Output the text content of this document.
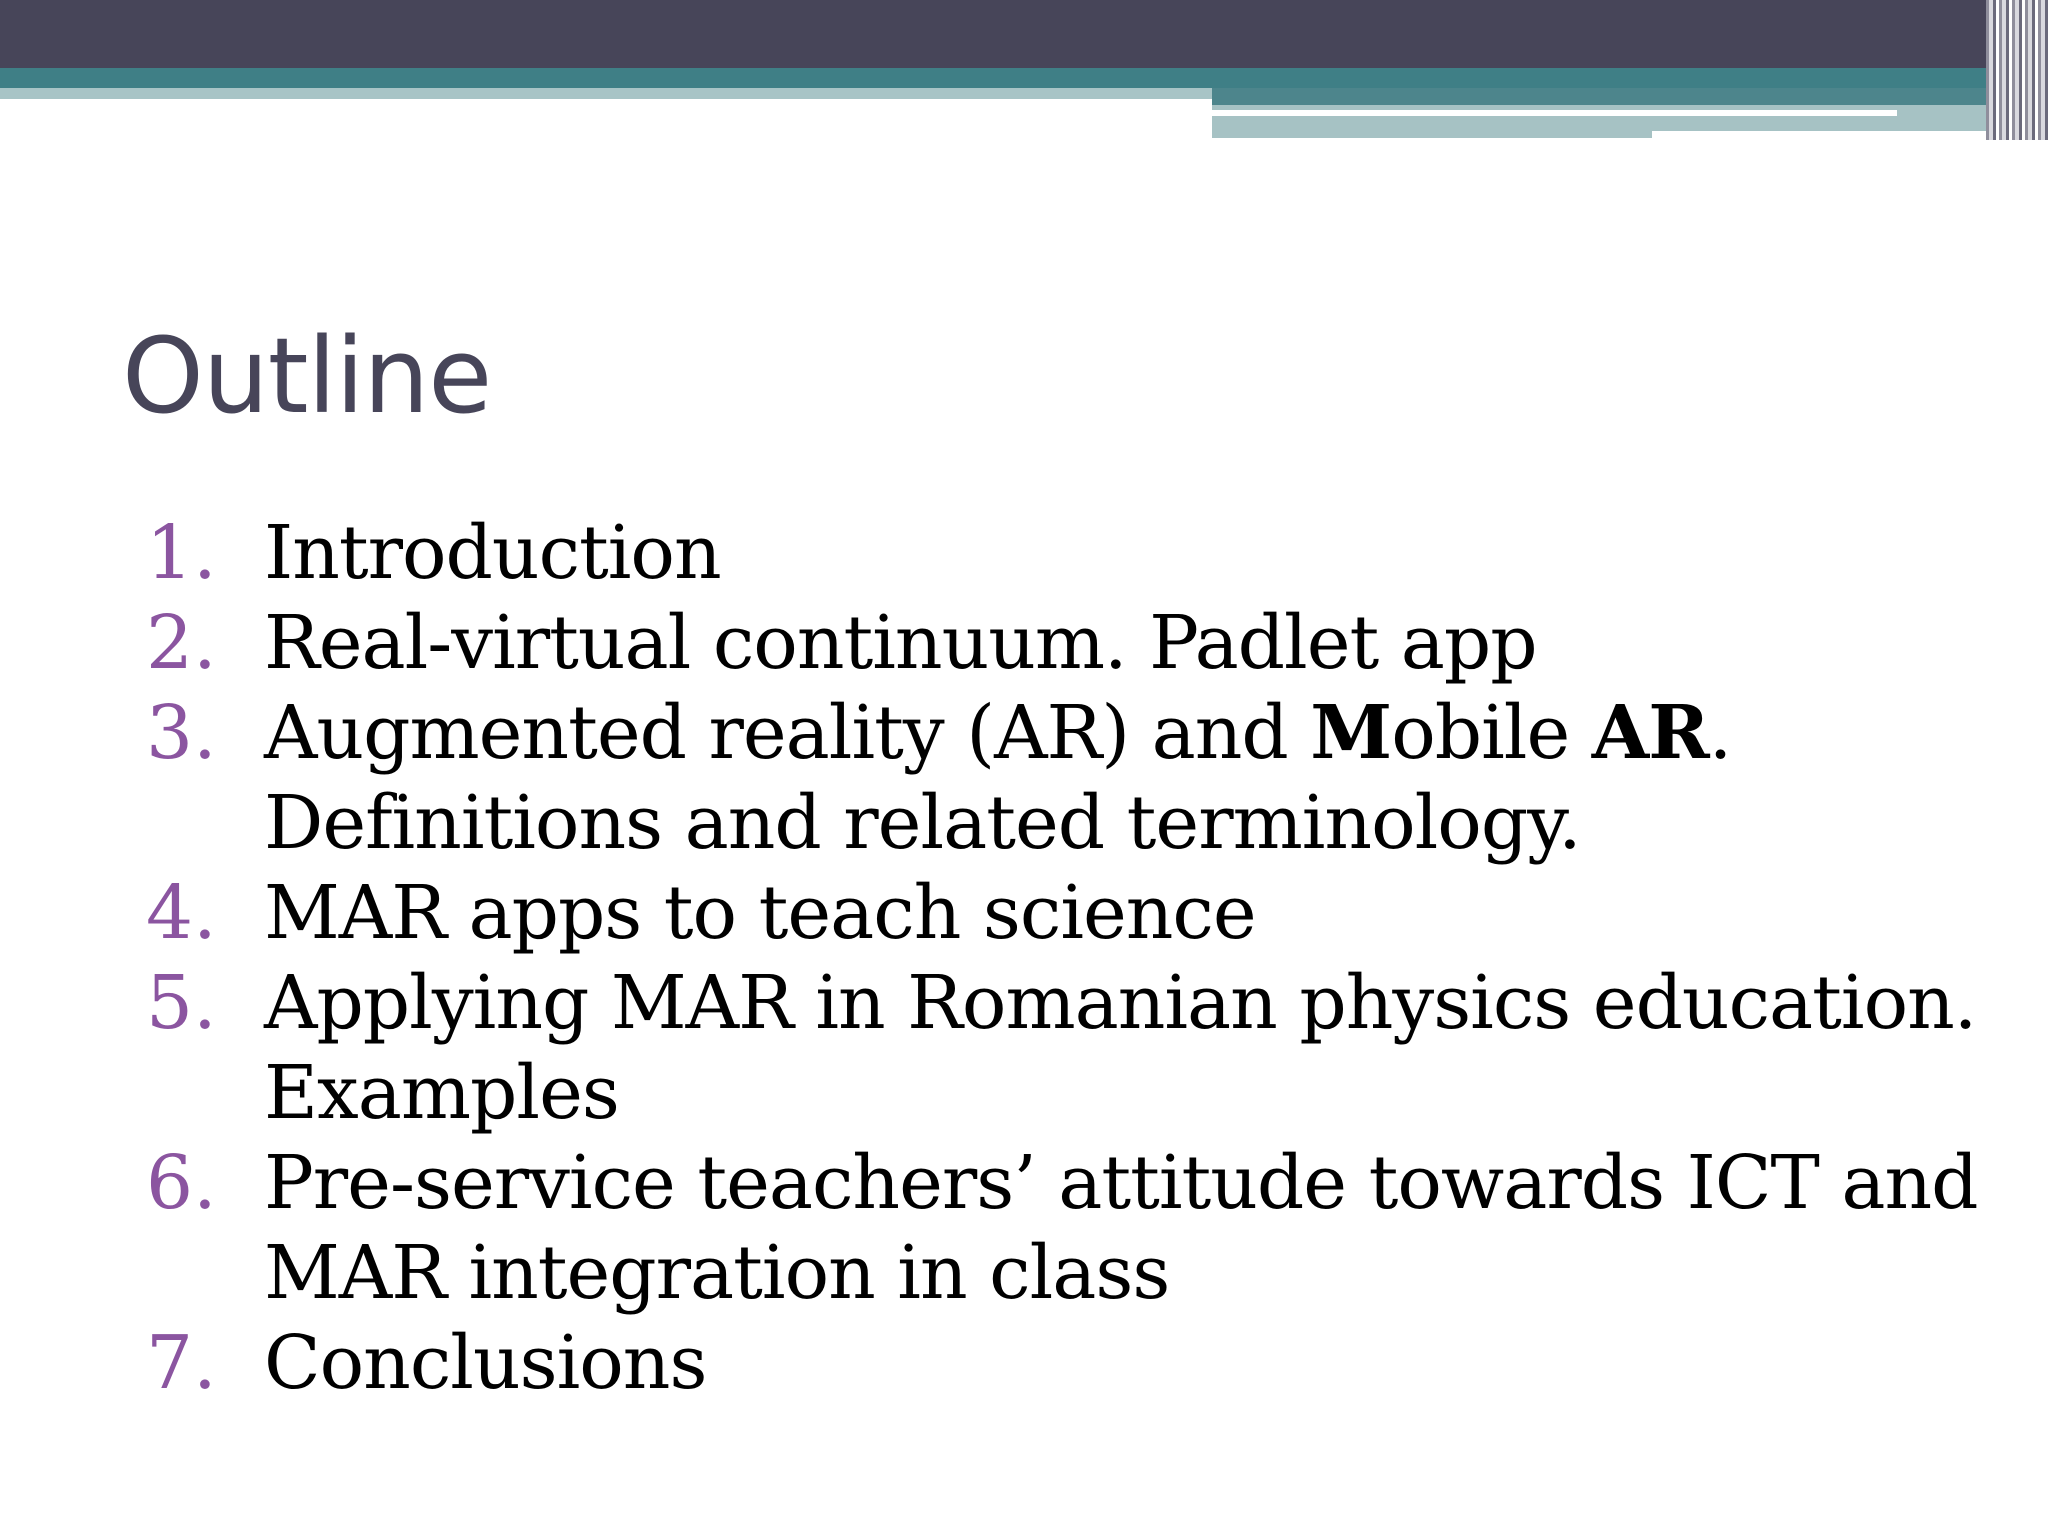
Outline
1. Introduction
2. Real-virtual continuum. Padlet app
3. Augmented reality (AR) and Mobile AR.
Definitions and related terminology.
4. MAR apps to teach science
5. Applying MAR in Romanian physics education.
Examples
6. Pre-service teachers’ attitude towards ICT and
MAR integration in class
7. Conclusions
